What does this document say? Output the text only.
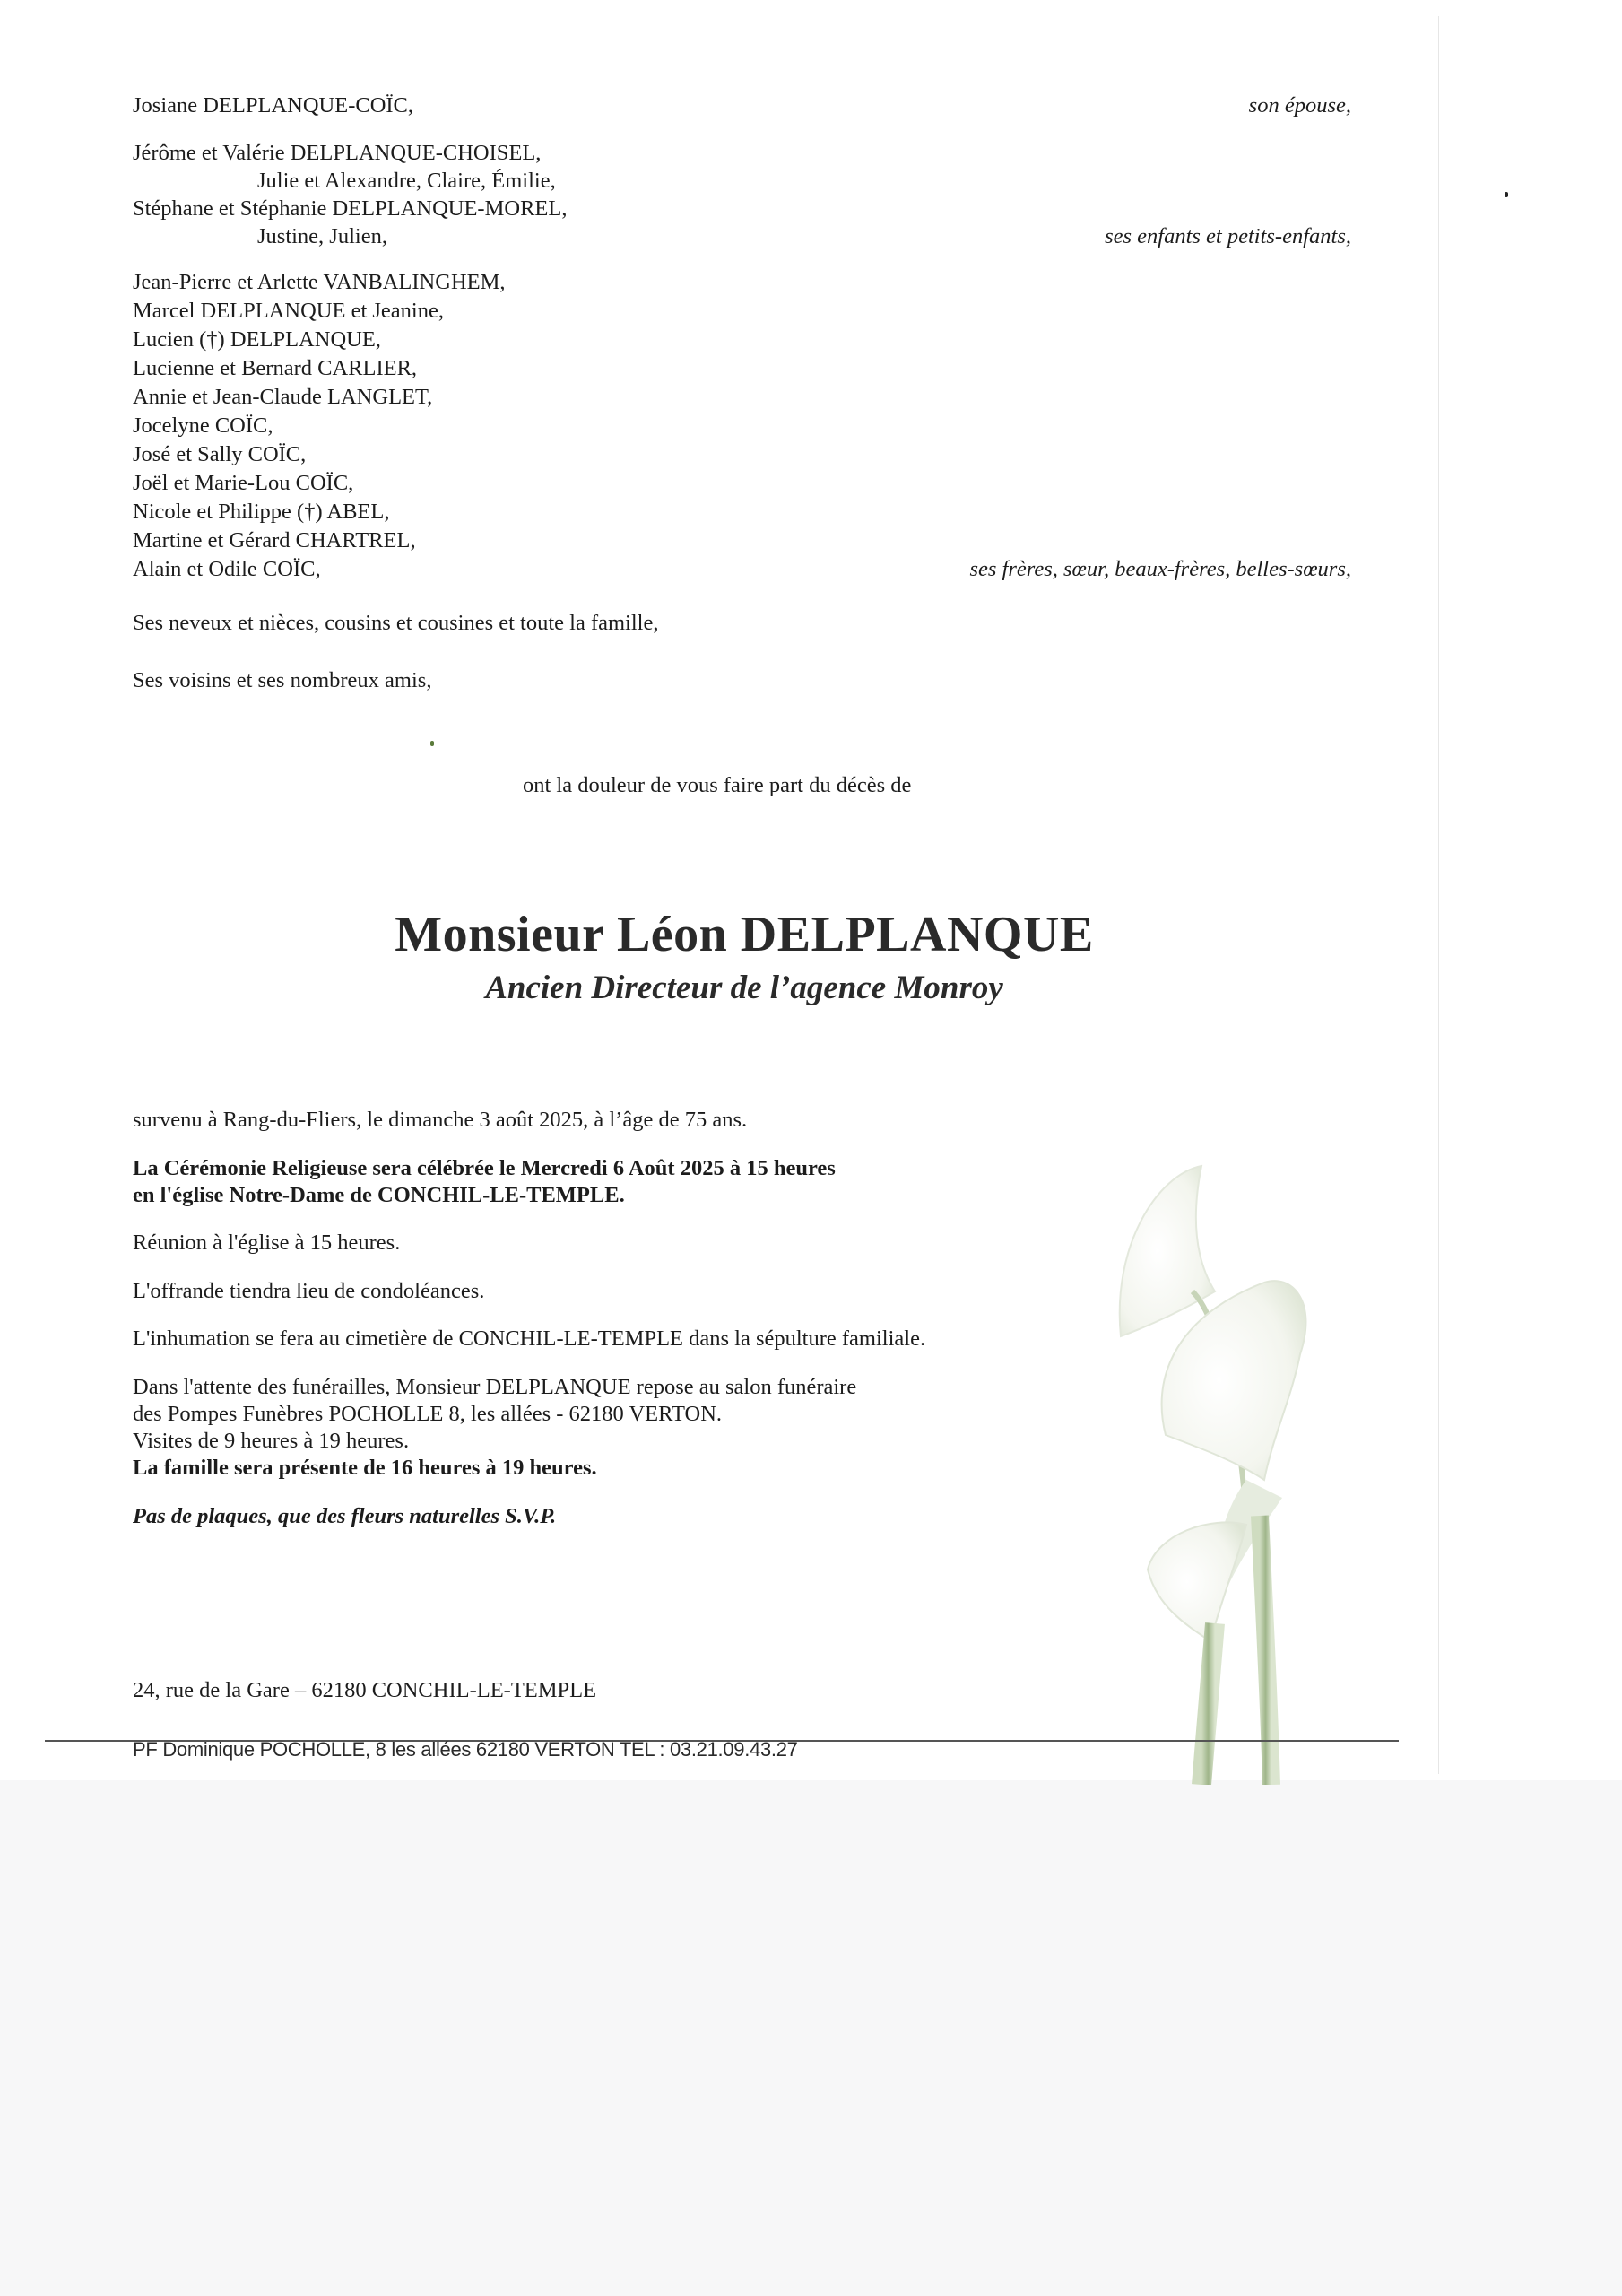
Josiane DELPLANQUE-COÏC,	son épouse,
Jérôme et Valérie DELPLANQUE-CHOISEL,
Julie et Alexandre, Claire, Émilie,
Stéphane et Stéphanie DELPLANQUE-MOREL,
Justine, Julien,	ses enfants et petits-enfants,
Jean-Pierre et Arlette VANBALINGHEM,
Marcel DELPLANQUE et Jeanine,
Lucien (†) DELPLANQUE,
Lucienne et Bernard CARLIER,
Annie et Jean-Claude LANGLET,
Jocelyne COÏC,
José et Sally COÏC,
Joël et Marie-Lou COÏC,
Nicole et Philippe (†) ABEL,
Martine et Gérard CHARTREL,
Alain et Odile COÏC,	ses frères, sœur, beaux-frères, belles-sœurs,
Ses neveux et nièces, cousins et cousines et toute la famille,
Ses voisins et ses nombreux amis,
ont la douleur de vous faire part du décès de
Monsieur Léon DELPLANQUE
Ancien Directeur de l’agence Monroy
survenu à Rang-du-Fliers, le dimanche 3 août 2025, à l’âge de 75 ans.
La Cérémonie Religieuse sera célébrée le Mercredi 6 Août 2025 à 15 heures
en l'église Notre-Dame de CONCHIL-LE-TEMPLE.
Réunion à l'église à 15 heures.
L'offrande tiendra lieu de condoléances.
L'inhumation se fera au cimetière de CONCHIL-LE-TEMPLE dans la sépulture familiale.
Dans l'attente des funérailles, Monsieur DELPLANQUE repose au salon funéraire
des Pompes Funèbres POCHOLLE 8, les allées - 62180 VERTON.
Visites de 9 heures à 19 heures.
La famille sera présente de 16 heures à 19 heures.
Pas de plaques, que des fleurs naturelles S.V.P.
24, rue de la Gare – 62180 CONCHIL-LE-TEMPLE
PF Dominique POCHOLLE, 8 les allées 62180 VERTON TEL : 03.21.09.43.27
